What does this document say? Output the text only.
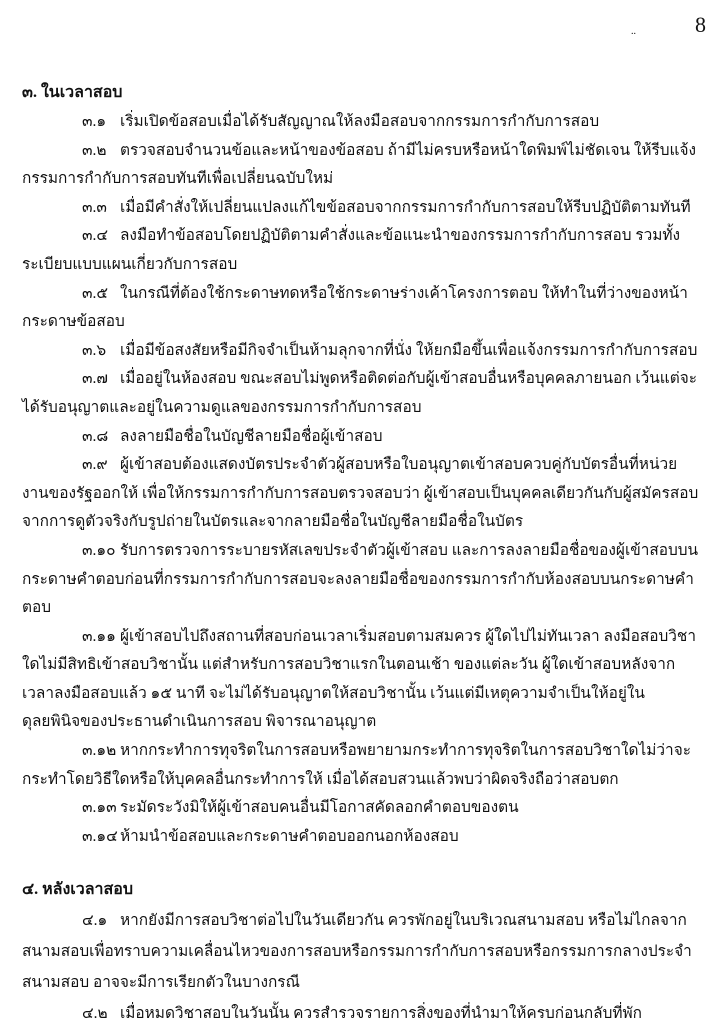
8
..

๓. ในเวลาสอบ

๓.๑ เริ่มเปิดข้อสอบเมื่อได้รับสัญญาณให้ลงมือสอบจากกรรมการกำกับการสอบ

๓.๒ ตรวจสอบจำนวนข้อและหน้าของข้อสอบ ถ้ามีไม่ครบหรือหน้าใดพิมพ์ไม่ชัดเจน ให้รีบแจ้งกรรมการกำกับการสอบทันทีเพื่อเปลี่ยนฉบับใหม่

๓.๓ เมื่อมีคำสั่งให้เปลี่ยนแปลงแก้ไขข้อสอบจากกรรมการกำกับการสอบให้รีบปฏิบัติตามทันที

๓.๔ ลงมือทำข้อสอบโดยปฏิบัติตามคำสั่งและข้อแนะนำของกรรมการกำกับการสอบ รวมทั้งระเบียบแบบแผนเกี่ยวกับการสอบ

๓.๕ ในกรณีที่ต้องใช้กระดาษทดหรือใช้กระดาษร่างเค้าโครงการตอบ ให้ทำในที่ว่างของหน้ากระดาษข้อสอบ

๓.๖ เมื่อมีข้อสงสัยหรือมีกิจจำเป็นห้ามลุกจากที่นั่ง ให้ยกมือขึ้นเพื่อแจ้งกรรมการกำกับการสอบ

๓.๗ เมื่ออยู่ในห้องสอบ ขณะสอบไม่พูดหรือติดต่อกับผู้เข้าสอบอื่นหรือบุคคลภายนอก เว้นแต่จะได้รับอนุญาตและอยู่ในความดูแลของกรรมการกำกับการสอบ

๓.๘ ลงลายมือชื่อในบัญชีลายมือชื่อผู้เข้าสอบ

๓.๙ ผู้เข้าสอบต้องแสดงบัตรประจำตัวผู้สอบหรือใบอนุญาตเข้าสอบควบคู่กับบัตรอื่นที่หน่วยงานของรัฐออกให้ เพื่อให้กรรมการกำกับการสอบตรวจสอบว่า ผู้เข้าสอบเป็นบุคคลเดียวกันกับผู้สมัครสอบ จากการดูตัวจริงกับรูปถ่ายในบัตรและจากลายมือชื่อในบัญชีลายมือชื่อในบัตร

๓.๑๐ รับการตรวจการระบายรหัสเลขประจำตัวผู้เข้าสอบ และการลงลายมือชื่อของผู้เข้าสอบบนกระดาษคำตอบก่อนที่กรรมการกำกับการสอบจะลงลายมือชื่อของกรรมการกำกับห้องสอบบนกระดาษคำตอบ

๓.๑๑ ผู้เข้าสอบไปถึงสถานที่สอบก่อนเวลาเริ่มสอบตามสมควร ผู้ใดไปไม่ทันเวลา ลงมือสอบวิชาใดไม่มีสิทธิเข้าสอบวิชานั้น แต่สำหรับการสอบวิชาแรกในตอนเช้า ของแต่ละวัน ผู้ใดเข้าสอบหลังจากเวลาลงมือสอบแล้ว ๑๕ นาที จะไม่ได้รับอนุญาตให้สอบวิชานั้น เว้นแต่มีเหตุความจำเป็นให้อยู่ในดุลยพินิจของประธานดำเนินการสอบ พิจารณาอนุญาต

๓.๑๒ หากกระทำการทุจริตในการสอบหรือพยายามกระทำการทุจริตในการสอบวิชาใดไม่ว่าจะกระทำโดยวิธีใดหรือให้บุคคลอื่นกระทำการให้ เมื่อได้สอบสวนแล้วพบว่าผิดจริงถือว่าสอบตก

๓.๑๓ ระมัดระวังมิให้ผู้เข้าสอบคนอื่นมีโอกาสคัดลอกคำตอบของตน

๓.๑๔ ห้ามนำข้อสอบและกระดาษคำตอบออกนอกห้องสอบ

๔. หลังเวลาสอบ

๔.๑ หากยังมีการสอบวิชาต่อไปในวันเดียวกัน ควรพักอยู่ในบริเวณสนามสอบ หรือไม่ไกลจากสนามสอบเพื่อทราบความเคลื่อนไหวของการสอบหรือกรรมการกำกับการสอบหรือกรรมการกลางประจำสนามสอบ อาจจะมีการเรียกตัวในบางกรณี

๔.๒ เมื่อหมดวิชาสอบในวันนั้น ควรสำรวจรายการสิ่งของที่นำมาให้ครบก่อนกลับที่พัก
